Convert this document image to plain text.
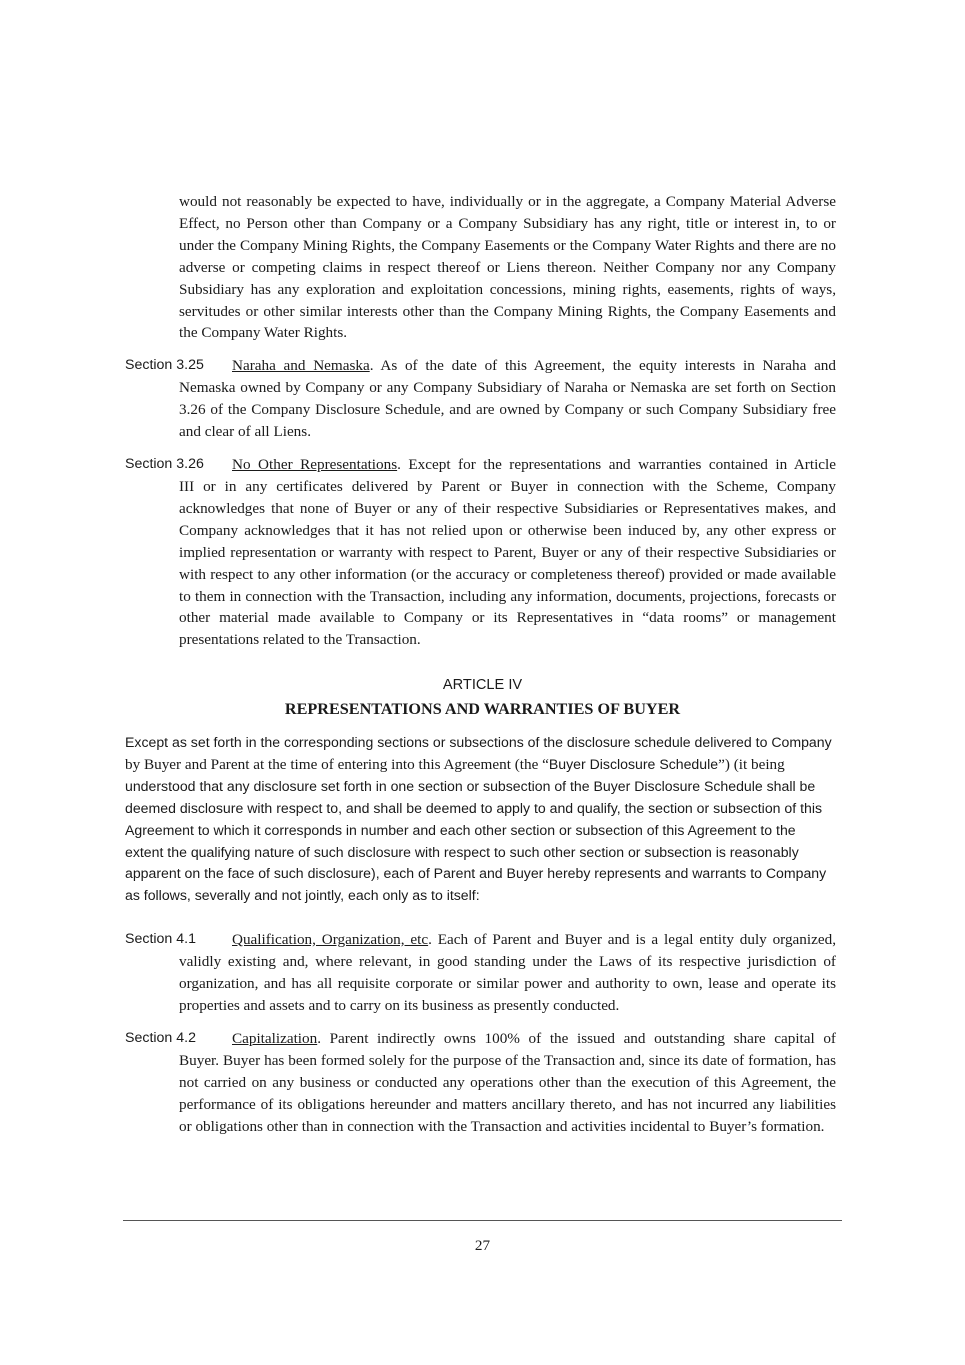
would not reasonably be expected to have, individually or in the aggregate, a Company Material Adverse Effect, no Person other than Company or a Company Subsidiary has any right, title or interest in, to or under the Company Mining Rights, the Company Easements or the Company Water Rights and there are no adverse or competing claims in respect thereof or Liens thereon. Neither Company nor any Company Subsidiary has any exploration and exploitation concessions, mining rights, easements, rights of ways, servitudes or other similar interests other than the Company Mining Rights, the Company Easements and the Company Water Rights.
Section 3.25 Naraha and Nemaska. As of the date of this Agreement, the equity interests in Naraha and
Nemaska owned by Company or any Company Subsidiary of Naraha or Nemaska are set forth on Section 3.26 of the Company Disclosure Schedule, and are owned by Company or such Company Subsidiary free and clear of all Liens.
Section 3.26 No Other Representations. Except for the representations and warranties contained in Article
III or in any certificates delivered by Parent or Buyer in connection with the Scheme, Company acknowledges that none of Buyer or any of their respective Subsidiaries or Representatives makes, and Company acknowledges that it has not relied upon or otherwise been induced by, any other express or implied representation or warranty with respect to Parent, Buyer or any of their respective Subsidiaries or with respect to any other information (or the accuracy or completeness thereof) provided or made available to them in connection with the Transaction, including any information, documents, projections, forecasts or other material made available to Company or its Representatives in “data rooms” or management presentations related to the Transaction.
ARTICLE IV
REPRESENTATIONS AND WARRANTIES OF BUYER
Except as set forth in the corresponding sections or subsections of the disclosure schedule delivered to Company
by Buyer and Parent at the time of entering into this Agreement (the “Buyer Disclosure Schedule”) (it being
understood that any disclosure set forth in one section or subsection of the Buyer Disclosure Schedule shall be deemed disclosure with respect to, and shall be deemed to apply to and qualify, the section or subsection of this Agreement to which it corresponds in number and each other section or subsection of this Agreement to the extent the qualifying nature of such disclosure with respect to such other section or subsection is reasonably apparent on the face of such disclosure), each of Parent and Buyer hereby represents and warrants to Company as follows, severally and not jointly, each only as to itself:
Section 4.1 Qualification, Organization, etc. Each of Parent and Buyer and is a legal entity duly organized,
validly existing and, where relevant, in good standing under the Laws of its respective jurisdiction of organization, and has all requisite corporate or similar power and authority to own, lease and operate its properties and assets and to carry on its business as presently conducted.
Section 4.2 Capitalization. Parent indirectly owns 100% of the issued and outstanding share capital of
Buyer. Buyer has been formed solely for the purpose of the Transaction and, since its date of formation, has not carried on any business or conducted any operations other than the execution of this Agreement, the performance of its obligations hereunder and matters ancillary thereto, and has not incurred any liabilities or obligations other than in connection with the Transaction and activities incidental to Buyer’s formation.
27
